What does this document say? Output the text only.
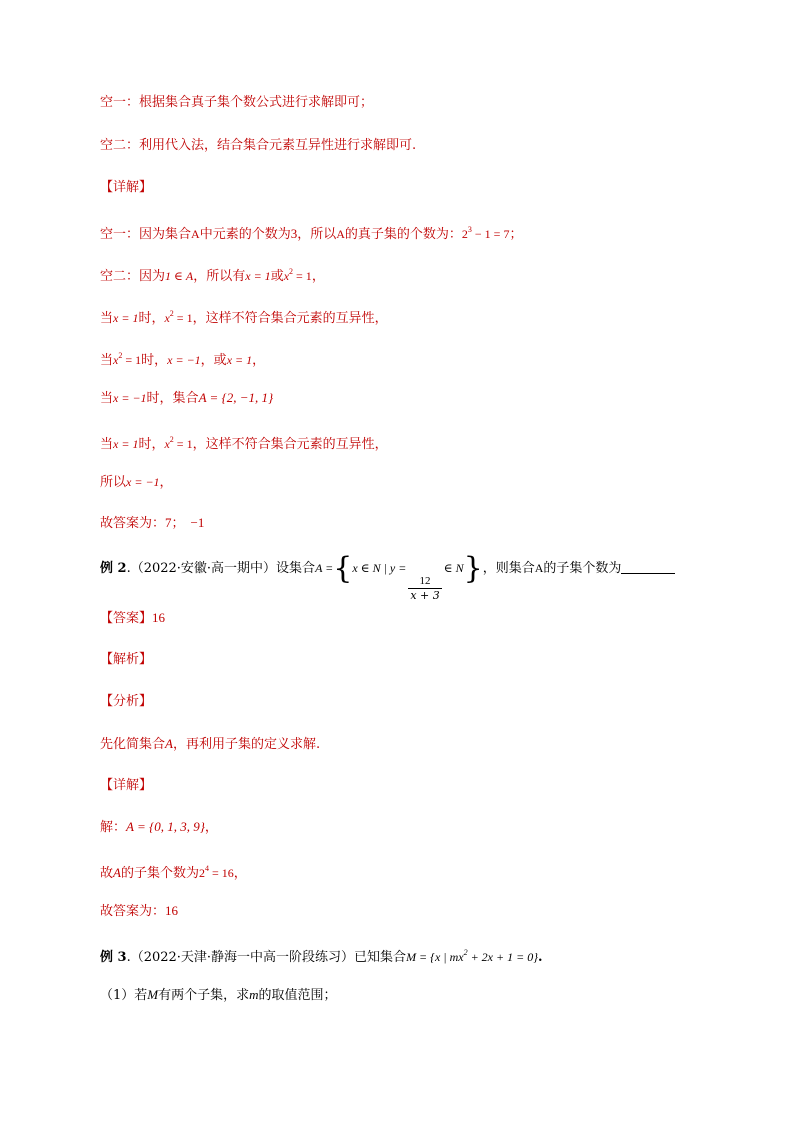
空一：根据集合真子集个数公式进行求解即可；
空二：利用代入法，结合集合元素互异性进行求解即可.
【详解】
空一：因为集合A中元素的个数为3，所以A的真子集的个数为：$2^3 - 1 = 7$；
空二：因为1 ∈ A，所以有x = 1或$x^2 = 1$，
当x = 1时，$x^2 = 1$，这样不符合集合元素的互异性，
当$x^2 = 1$时，x = −1，或x = 1，
当x = −1时，集合A = {2, −1, 1}
当x = 1时，$x^2 = 1$，这样不符合集合元素的互异性，
所以x = −1，
故答案为：7； −1
例 2.（2022·安徽·高一期中）设集合A ={x ∈ N | y =
$\frac{12}{x + 3}$
∈ N}，则集合A的子集个数为
【答案】16
【解析】
【分析】
先化简集合A，再利用子集的定义求解.
【详解】
解：A = {0, 1, 3, 9}，
故A的子集个数为$2^4 = 16$，
故答案为：16
例 3.（2022·天津·静海一中高一阶段练习）已知集合M = {x | $mx^2 + 2x + 1 = 0$}.
（1）若M有两个子集，求m的取值范围；
